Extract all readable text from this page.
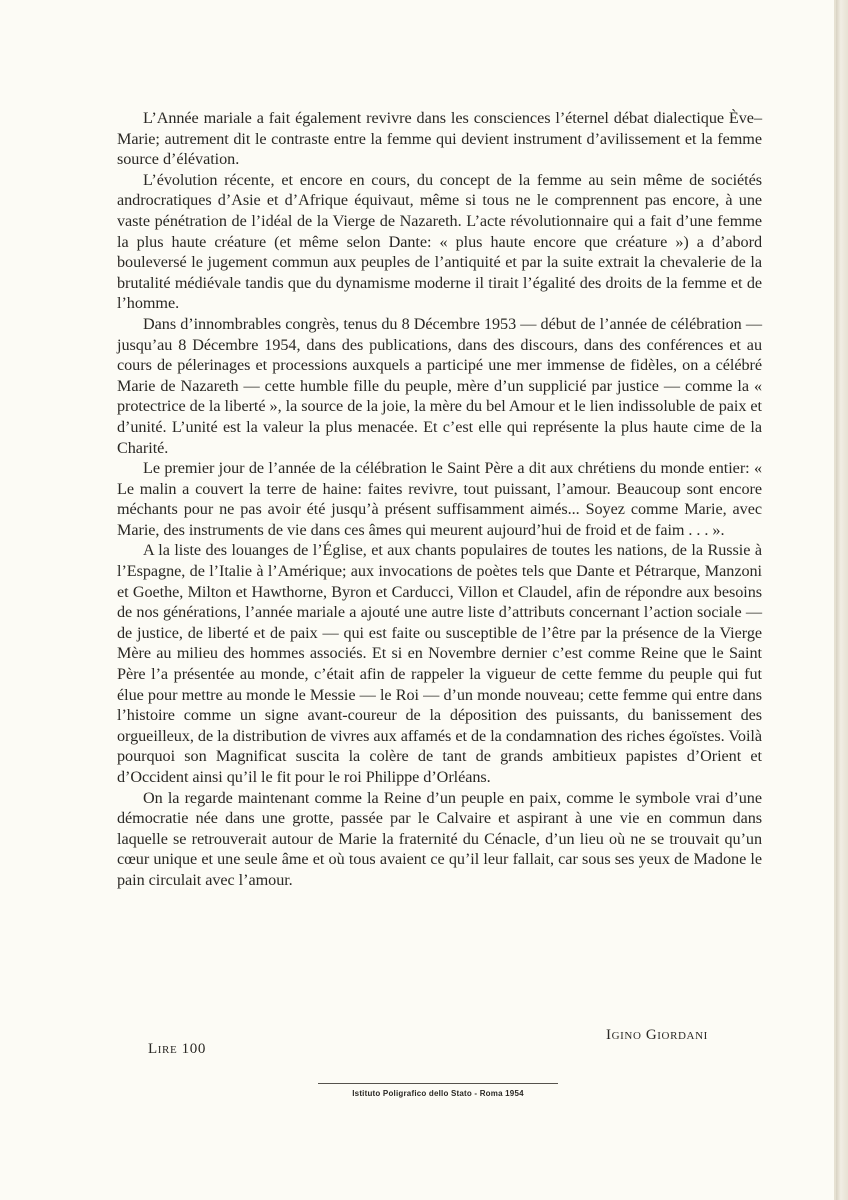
L’Année mariale a fait également revivre dans les consciences l’éternel débat dialectique Ève–Marie; autrement dit le contraste entre la femme qui devient instrument d’avilissement et la femme source d’élévation.

L’évolution récente, et encore en cours, du concept de la femme au sein même de sociétés androcratiques d’Asie et d’Afrique équivaut, même si tous ne le comprennent pas encore, à une vaste pénétration de l’idéal de la Vierge de Nazareth. L’acte révolutionnaire qui a fait d’une femme la plus haute créature (et même selon Dante: « plus haute encore que créature ») a d’abord bouleversé le jugement commun aux peuples de l’antiquité et par la suite extrait la chevalerie de la brutalité médiévale tandis que du dynamisme moderne il tirait l’égalité des droits de la femme et de l’homme.

Dans d’innombrables congrès, tenus du 8 Décembre 1953 — début de l’année de célébration — jusqu’au 8 Décembre 1954, dans des publications, dans des discours, dans des conférences et au cours de pélerinages et processions auxquels a participé une mer immense de fidèles, on a célébré Marie de Nazareth — cette humble fille du peuple, mère d’un supplicié par justice — comme la « protectrice de la liberté », la source de la joie, la mère du bel Amour et le lien indissoluble de paix et d’unité. L’unité est la valeur la plus menacée. Et c’est elle qui représente la plus haute cime de la Charité.

Le premier jour de l’année de la célébration le Saint Père a dit aux chrétiens du monde entier: « Le malin a couvert la terre de haine: faites revivre, tout puissant, l’amour. Beaucoup sont encore méchants pour ne pas avoir été jusqu’à présent suffisamment aimés... Soyez comme Marie, avec Marie, des instruments de vie dans ces âmes qui meurent aujourd’hui de froid et de faim . . . ».

A la liste des louanges de l’Église, et aux chants populaires de toutes les nations, de la Russie à l’Espagne, de l’Italie à l’Amérique; aux invocations de poètes tels que Dante et Pétrarque, Manzoni et Goethe, Milton et Hawthorne, Byron et Carducci, Villon et Claudel, afin de répondre aux besoins de nos générations, l’année mariale a ajouté une autre liste d’attributs concernant l’action sociale — de justice, de liberté et de paix — qui est faite ou susceptible de l’être par la présence de la Vierge Mère au milieu des hommes associés. Et si en Novembre dernier c’est comme Reine que le Saint Père l’a présentée au monde, c’était afin de rappeler la vigueur de cette femme du peuple qui fut élue pour mettre au monde le Messie — le Roi — d’un monde nouveau; cette femme qui entre dans l’histoire comme un signe avant-coureur de la déposition des puissants, du banissement des orgueilleux, de la distribution de vivres aux affamés et de la condamnation des riches égoïstes. Voilà pourquoi son Magnificat suscita la colère de tant de grands ambitieux papistes d’Orient et d’Occident ainsi qu’il le fit pour le roi Philippe d’Orléans.

On la regarde maintenant comme la Reine d’un peuple en paix, comme le symbole vrai d’une démocratie née dans une grotte, passée par le Calvaire et aspirant à une vie en commun dans laquelle se retrouverait autour de Marie la fraternité du Cénacle, d’un lieu où ne se trouvait qu’un cœur unique et une seule âme et où tous avaient ce qu’il leur fallait, car sous ses yeux de Madone le pain circulait avec l’amour.

Igino Giordani
Lire 100
Istituto Poligrafico dello Stato - Roma 1954
